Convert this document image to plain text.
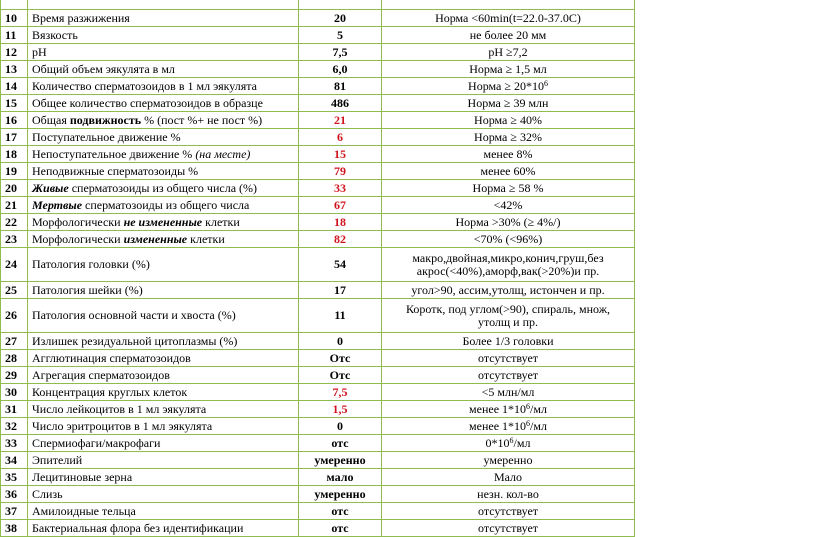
10	Время разжижения	20	Норма <60min(t=22.0-37.0C)
11	Вязкость	5	не более 20 мм
12	pH	7,5	pH ≥7,2
13	Общий объем эякулята в мл	6,0	Норма ≥ 1,5 мл
14	Количество сперматозоидов в 1 мл эякулята	81	Норма ≥ $20*10^6$
15	Общее количество сперматозоидов в образце	486	Норма ≥ 39 млн
16	Общая подвижность % (пост %+ не пост %)	21	Норма ≥ 40%
17	Поступательное движение %	6	Норма ≥ 32%
18	Непоступательное движение % (на месте)	15	менее 8%
19	Неподвижные сперматозоиды %	79	менее 60%
20	Живые сперматозоиды из общего числа (%)	33	Норма ≥ 58 %
21	Мертвые сперматозоиды из общего числа	67	<42%
22	Морфологически не измененные клетки	18	Норма >30% (≥ 4%/)
23	Морфологически измененные клетки	82	<70% (<96%)
24	Патология головки (%)	54	макро,двойная,микро,конич,груш,без
акрос(<40%),аморф,вак(>20%)и пр.
25	Патология шейки (%)	17	угол>90, ассим,утолщ, истончен и пр.
26	Патология основной части и хвоста (%)	11	Коротк, под углом(>90), спираль, множ,
утолщ и пр.
27	Излишек резидуальной цитоплазмы (%)	0	Более 1/3 головки
28	Агглютинация сперматозоидов	Отс	отсутствует
29	Агрегация сперматозоидов	Отс	отсутствует
30	Концентрация круглых клеток	7,5	<5 млн/мл
31	Число лейкоцитов в 1 мл эякулята	1,5	менее $1*10^6/мл$
32	Число эритроцитов в 1 мл эякулята	0	менее $1*10^6/мл$
33	Спермиофаги/макрофаги	отс	$0*10^6/мл$
34	Эпителий	умеренно	умеренно
35	Лецитиновые зерна	мало	Мало
36	Слизь	умеренно	незн. кол-во
37	Амилоидные тельца	отс	отсутствует
38	Бактериальная флора без идентификации	отс	отсутствует
